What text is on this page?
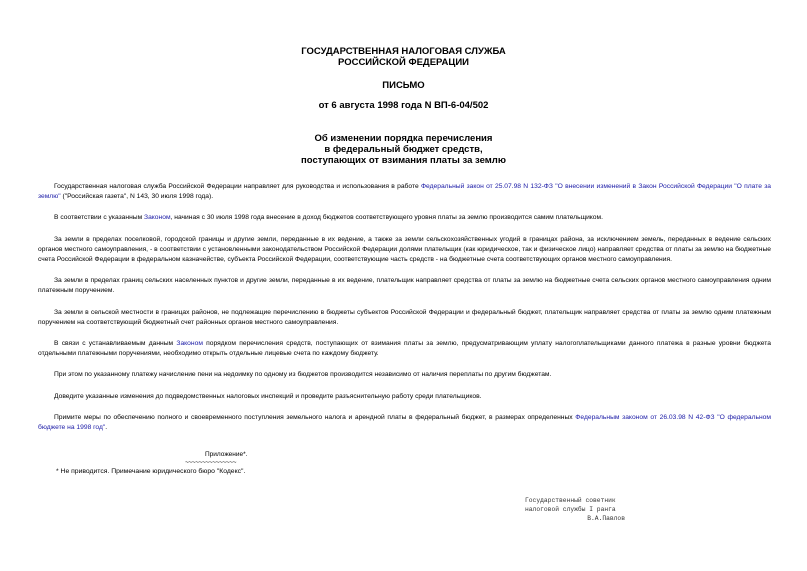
ГОСУДАРСТВЕННАЯ НАЛОГОВАЯ СЛУЖБА
РОССИЙСКОЙ ФЕДЕРАЦИИ
ПИСЬМО
от 6 августа 1998 года N ВП-6-04/502
Об изменении порядка перечисления
в федеральный бюджет средств,
поступающих от взимания платы за землю

Государственная налоговая служба Российской Федерации направляет для руководства и использования в работе Федеральный закон от 25.07.98 N 132-ФЗ "О внесении изменений в Закон Российской Федерации "О плате за землю" ("Российская газета", N 143, 30 июля 1998 года).

В соответствии с указанным Законом, начиная с 30 июля 1998 года внесение в доход бюджетов соответствующего уровня платы за землю производится самим плательщиком.

За земли в пределах поселковой, городской границы и другие земли, переданные в их ведение, а также за земли сельскохозяйственных угодий в границах района, за исключением земель, переданных в ведение сельских органов местного самоуправления, - в соответствии с установленными законодательством Российской Федерации долями плательщик (как юридическое, так и физическое лицо) направляет средства от платы за землю на бюджетные счета Российской Федерации в федеральном казначействе, субъекта Российской Федерации, соответствующие часть средств - на бюджетные счета соответствующих органов местного самоуправления.

За земли в пределах границ сельских населенных пунктов и другие земли, переданные в их ведение, плательщик направляет средства от платы за землю на бюджетные счета сельских органов местного самоуправления одним платежным поручением.

За земли в сельской местности в границах районов, не подлежащие перечислению в бюджеты субъектов Российской Федерации и федеральный бюджет, плательщик направляет средства от платы за землю одним платежным поручением на соответствующий бюджетный счет районных органов местного самоуправления.

В связи с устанавливаемым данным Законом порядком перечисления средств, поступающих от взимания платы за землю, предусматривающим уплату налогоплательщиками данного платежа в разные уровни бюджета отдельными платежными поручениями, необходимо открыть отдельные лицевые счета по каждому бюджету.

При этом по указанному платежу начисление пени на недоимку по одному из бюджетов производится независимо от наличия переплаты по другим бюджетам.

Доведите указанные изменения до подведомственных налоговых инспекций и проведите разъяснительную работу среди плательщиков.

Примите меры по обеспечению полного и своевременного поступления земельного налога и арендной платы в федеральный бюджет, в размерах определенных Федеральным законом от 26.03.98 N 42-ФЗ "О федеральном бюджете на 1998 год".

Приложение*.
~~~~~~~~~~~~~~~
* Не приводится. Примечание юридического бюро "Кодекс".
Государственный советник
налоговой службы I ранга
В.А.Павлов
